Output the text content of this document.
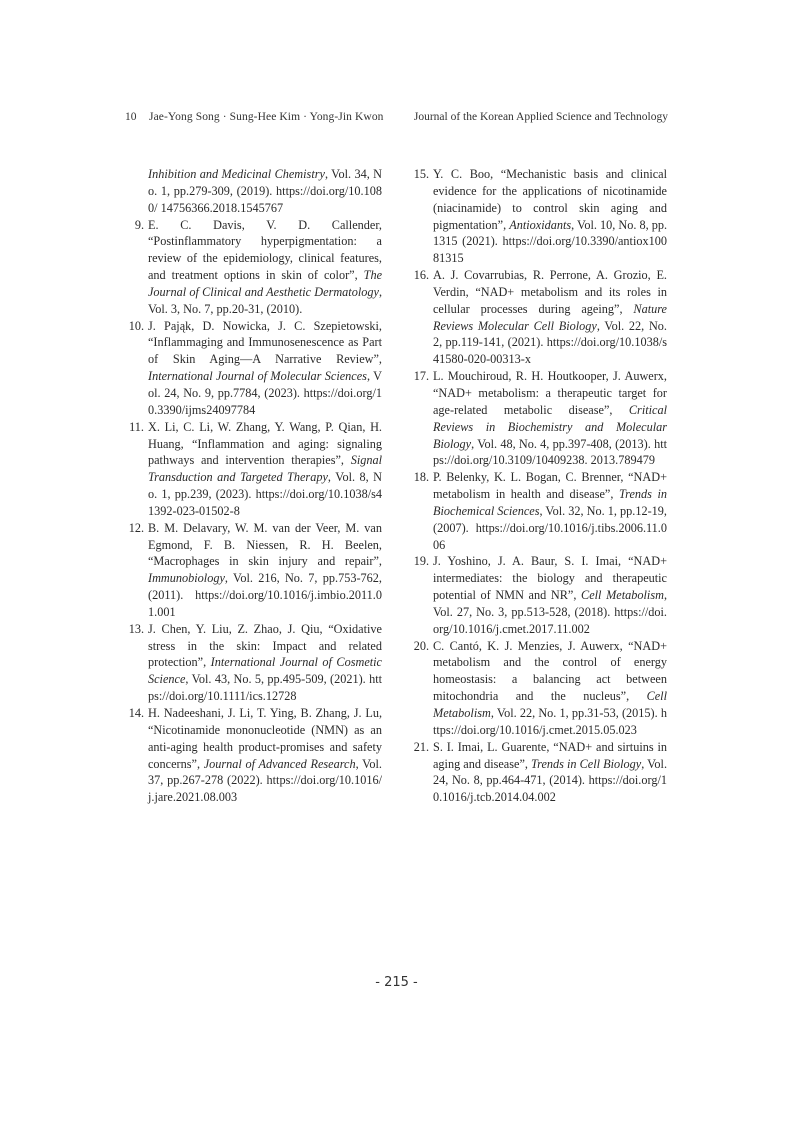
10 Jae-Yong Song · Sung-Hee Kim · Yong-Jin Kwon	Journal of the Korean Applied Science and Technology

Inhibition and Medicinal Chemistry, Vol. 34, No. 1, pp.279-309, (2019). https://doi.org/10.1080/ 14756366.2018.1545767

9. E. C. Davis, V. D. Callender, “Postinflammatory hyperpigmentation: a review of the epidemiology, clinical features, and treatment options in skin of color”, The Journal of Clinical and Aesthetic Dermatology, Vol. 3, No. 7, pp.20-31, (2010).

10. J. Pająk, D. Nowicka, J. C. Szepietowski, “Inflammaging and Immunosenescence as Part of Skin Aging—A Narrative Review”, International Journal of Molecular Sciences, Vol. 24, No. 9, pp.7784, (2023). https://doi.org/10.3390/ijms24097784

11. X. Li, C. Li, W. Zhang, Y. Wang, P. Qian, H. Huang, “Inflammation and aging: signaling pathways and intervention therapies”, Signal Transduction and Targeted Therapy, Vol. 8, No. 1, pp.239, (2023). https://doi.org/10.1038/s41392-023-01502-8

12. B. M. Delavary, W. M. van der Veer, M. van Egmond, F. B. Niessen, R. H. Beelen, “Macrophages in skin injury and repair”, Immunobiology, Vol. 216, No. 7, pp.753-762, (2011). https://doi.org/10.1016/j.imbio.2011.01.001

13. J. Chen, Y. Liu, Z. Zhao, J. Qiu, “Oxidative stress in the skin: Impact and related protection”, International Journal of Cosmetic Science, Vol. 43, No. 5, pp.495-509, (2021). https://doi.org/10.1111/ics.12728

14. H. Nadeeshani, J. Li, T. Ying, B. Zhang, J. Lu, “Nicotinamide mononucleotide (NMN) as an anti-aging health product-promises and safety concerns”, Journal of Advanced Research, Vol. 37, pp.267-278 (2022). https://doi.org/10.1016/j.jare.2021.08.003

15. Y. C. Boo, “Mechanistic basis and clinical evidence for the applications of nicotinamide (niacinamide) to control skin aging and pigmentation”, Antioxidants, Vol. 10, No. 8, pp.1315 (2021). https://doi.org/10.3390/antiox10081315

16. A. J. Covarrubias, R. Perrone, A. Grozio, E. Verdin, “NAD+ metabolism and its roles in cellular processes during ageing”, Nature Reviews Molecular Cell Biology, Vol. 22, No. 2, pp.119-141, (2021). https://doi.org/10.1038/s41580-020-00313-x

17. L. Mouchiroud, R. H. Houtkooper, J. Auwerx, “NAD+ metabolism: a therapeutic target for age-related metabolic disease”, Critical Reviews in Biochemistry and Molecular Biology, Vol. 48, No. 4, pp.397-408, (2013). https://doi.org/10.3109/10409238. 2013.789479

18. P. Belenky, K. L. Bogan, C. Brenner, “NAD+ metabolism in health and disease”, Trends in Biochemical Sciences, Vol. 32, No. 1, pp.12-19, (2007). https://doi.org/10.1016/j.tibs.2006.11.006

19. J. Yoshino, J. A. Baur, S. I. Imai, “NAD+ intermediates: the biology and therapeutic potential of NMN and NR”, Cell Metabolism, Vol. 27, No. 3, pp.513-528, (2018). https://doi.org/10.1016/j.cmet.2017.11.002

20. C. Cantó, K. J. Menzies, J. Auwerx, “NAD+ metabolism and the control of energy homeostasis: a balancing act between mitochondria and the nucleus”, Cell Metabolism, Vol. 22, No. 1, pp.31-53, (2015). https://doi.org/10.1016/j.cmet.2015.05.023

21. S. I. Imai, L. Guarente, “NAD+ and sirtuins in aging and disease”, Trends in Cell Biology, Vol. 24, No. 8, pp.464-471, (2014). https://doi.org/10.1016/j.tcb.2014.04.002

- 215 -
